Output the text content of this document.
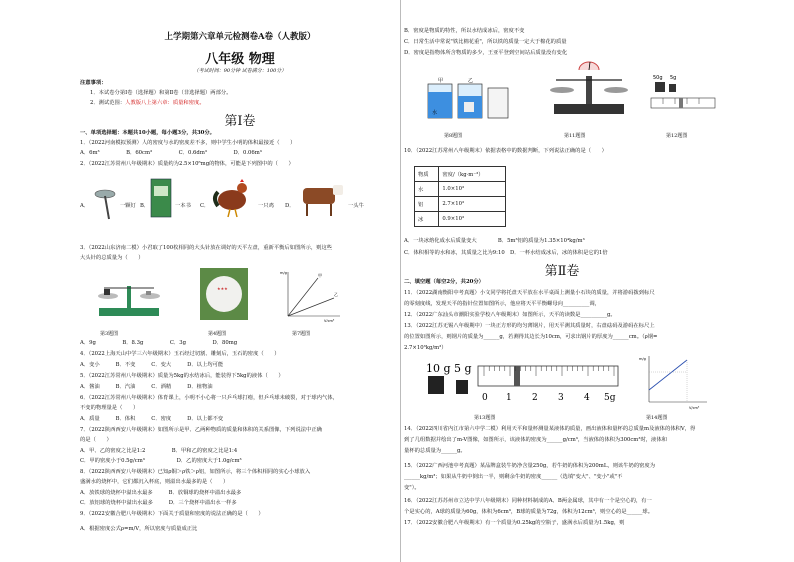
上学期第六章单元检测卷A卷（人教版）
八年级 物理
（考试时间：90分钟 试卷满分：100分）
注意事项：
1．本试卷分第Ⅰ卷（选择题）和第Ⅱ卷（非选择题）两部分。
2．测试范围：人教版八上第六章：质量和密度。
第Ⅰ卷
一、单项选择题：本题共10小题，每小题3分，共30分。
1．（2022河南模拟预测）人的密度与水的密度差不多，则中学生小明的体积最接近（　　）
A．6m³　　　　　B．60cm³　　　　　C．0.6dm³　　　　　D．0.06m³
2．（2022江苏常州八年级期末）质量约为2.5×10⁶mg的物体，可能是下列图中的（　　）
A．	一颗钉 B．	一本书 C．	一只鸡 D．	一头牛
3．（2022山东济南二模）小君取了100枚相同的大头针放在调好的天平左盘，重新平衡后如图所示，则这些
大头针的总质量为（　　）
★★★
甲
乙
m/g
V/cm³
第3题图	第4题图	第7题图
A．9g　　　　　B．8.3g　　　　　C．3g　　　　　D．80mg
4．（2022上海天山中学三六年级期末）玉石经过切割、雕刻后，玉石的密度（　　）
A．变小　　　B．不变　　　C．变大　　　D．以上均可能
5．（2022江苏常州八年级期末）质量为5kg的水结冰后，能装得下5kg的液体（　　）
A．酱油　　　B．汽油　　　C．酒精　　　D．植物油
6．（2022江苏常州八年级期末）体育课上，小明不小心将一只乒乓球打瘪，但乒乓球未破裂，对于球内气体，
不变的物理量是（　　）
A．质量　　　B．体积　　　C．密度　　　D．以上都不变
7．（2022陕西西安八年级期末）如图所示是甲、乙两种物质的质量和体积的关系图像，下列说法中正确
的是（　　）
A．甲、乙的密度之比是1:2　　　　　B．甲和乙的密度之比是1:4
C．甲的密度小于0.5g/cm³　　　　　　D．乙的密度大于1.0g/cm³
8．（2022陕西西安八年级期末）已知ρ铜＞ρ铁＞ρ铝，如图所示，将三个体积相同的实心小球放入
盛满水的烧杯中，它们都沉入杯底，则溢出水最多的是（　　）
A．放铁球的烧杯中溢出水最多　　　B．放铜球的烧杯中溢出水最多
C．放铝球的烧杯中溢出水最多　　　D．三个烧杯中溢出水一样多
9．（2022安徽合肥八年级期末）下面关于质量和密度的说法正确的是（　　）
A．根据密度公式ρ=m/V，所以密度与质量成正比
B．密度是物质的特性，所以水结成冰后，密度不变
C．日常生活中常说"铁比棉花重"，所以铁的质量一定大于棉花的质量
D．密度是指物体所含物质的多少，王亚平登到空间站后质量没有变化
水
甲	乙	50g 5g
第8题图	第11题图	第12题图
10．（2022江苏常州八年级期末）依据表格中的数据判断，下列说法正确的是（　　）
物质	密度/（kg·m⁻³）
水	1.0×10³
铝	2.7×10³
冰	0.9×10³
A．一块冰熔化成水后质量变大　　　　B．5m³铝的质量为1.35×10⁴kg/m³
C．体积相等的水和冰，其质量之比为9:10　D．一杯水结成冰后，冰的体积是它的1倍
第Ⅱ卷
二、填空题（每空2分，共20分）
11．（2022湖南衡阳中考真题）小文同学将托盘天平放在水平桌面上测量小石块的质量，并将游码拨到标尺
的零刻度线，发现天平的指针位置如图所示，他应将天平平衡螺母向__________调，
12．（2022广东汕头市潮阳实验学校八年级期末）如图所示，天平的读数是__________g。
13．（2022江苏无锡八年级期中）一块正方形的均匀薄钢片，用天平测其质量时，右盘砝码及游码在标尺上
的位置如图所示，则钢片的质量为______g，若测得其边长为10cm，可求出钢片的厚度为______cm。（ρ钢=
2.7×10³kg/m³）
10 g 5 g
0 1 2 3 4 5g
m/g
V/cm³
第13题图	第14题图
14．（2022四川省内江市第六中学二模）利用天平和量杯测量某液体的质量，画出液体和量杯的总质量m及液体的体积V，得
到了几组数据并绘出了m-V图像，如图所示，该液体的密度为______g/cm³，当液体的体积为300cm³时，液体和
量杯的总质量为______g。
15．（2022广西河池中考真题）某品牌盒装牛奶净含量250g，若牛奶的体积为200mL，则该牛奶的密度为
______kg/m³；如果从牛奶中倒出一半，则剩余牛奶的密度______（选填"变大"、"变小"或"不
变"）。
16．（2022江苏苏州市立达中学八年级期末）同种材料制成的A、B两金属球，其中有一个是空心的，有一
个是实心的，A球的质量为60g，体积为6cm³，B球的质量为72g，体积为12cm³，则空心的是______球。
17．（2022安徽合肥八年级期末）有一个质量为0.25kg的空瓶子，盛满水后质量为1.5kg，则
